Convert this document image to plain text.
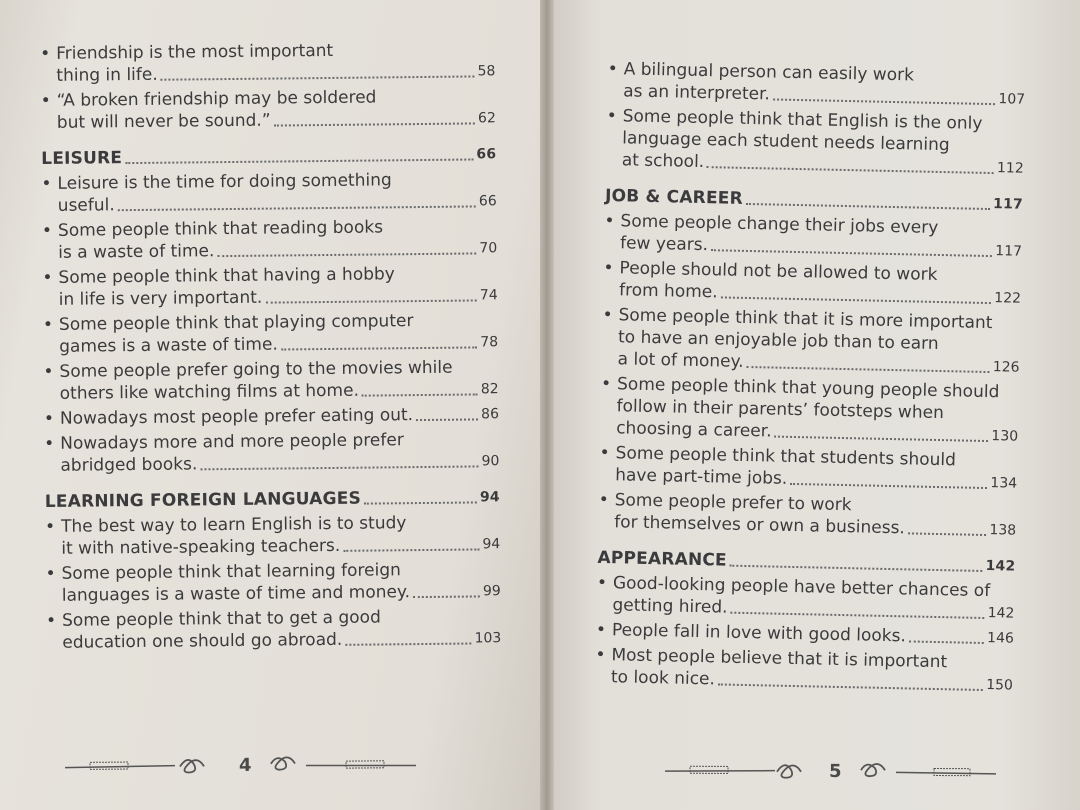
• Friendship is the most important
thing in life.	58
• “A broken friendship may be soldered
but will never be sound.”	62
LEISURE	66
• Leisure is the time for doing something
useful.	66
• Some people think that reading books
is a waste of time.	70
• Some people think that having a hobby
in life is very important.	74
• Some people think that playing computer
games is a waste of time.	78
• Some people prefer going to the movies while
others like watching films at home.	82
• Nowadays most people prefer eating out.	86
• Nowadays more and more people prefer
abridged books.	90
LEARNING FOREIGN LANGUAGES	94
• The best way to learn English is to study
it with native-speaking teachers.	94
• Some people think that learning foreign
languages is a waste of time and money.	99
• Some people think that to get a good
education one should go abroad.	103
• A bilingual person can easily work
as an interpreter.	107
• Some people think that English is the only
language each student needs learning
at school.	112
JOB & CAREER	117
• Some people change their jobs every
few years.	117
• People should not be allowed to work
from home.	122
• Some people think that it is more important
to have an enjoyable job than to earn
a lot of money.	126
• Some people think that young people should
follow in their parents’ footsteps when
choosing a career.	130
• Some people think that students should
have part-time jobs.	134
• Some people prefer to work
for themselves or own a business.	138
APPEARANCE	142
• Good-looking people have better chances of
getting hired.	142
• People fall in love with good looks.	146
• Most people believe that it is important
to look nice.	150
4	5
